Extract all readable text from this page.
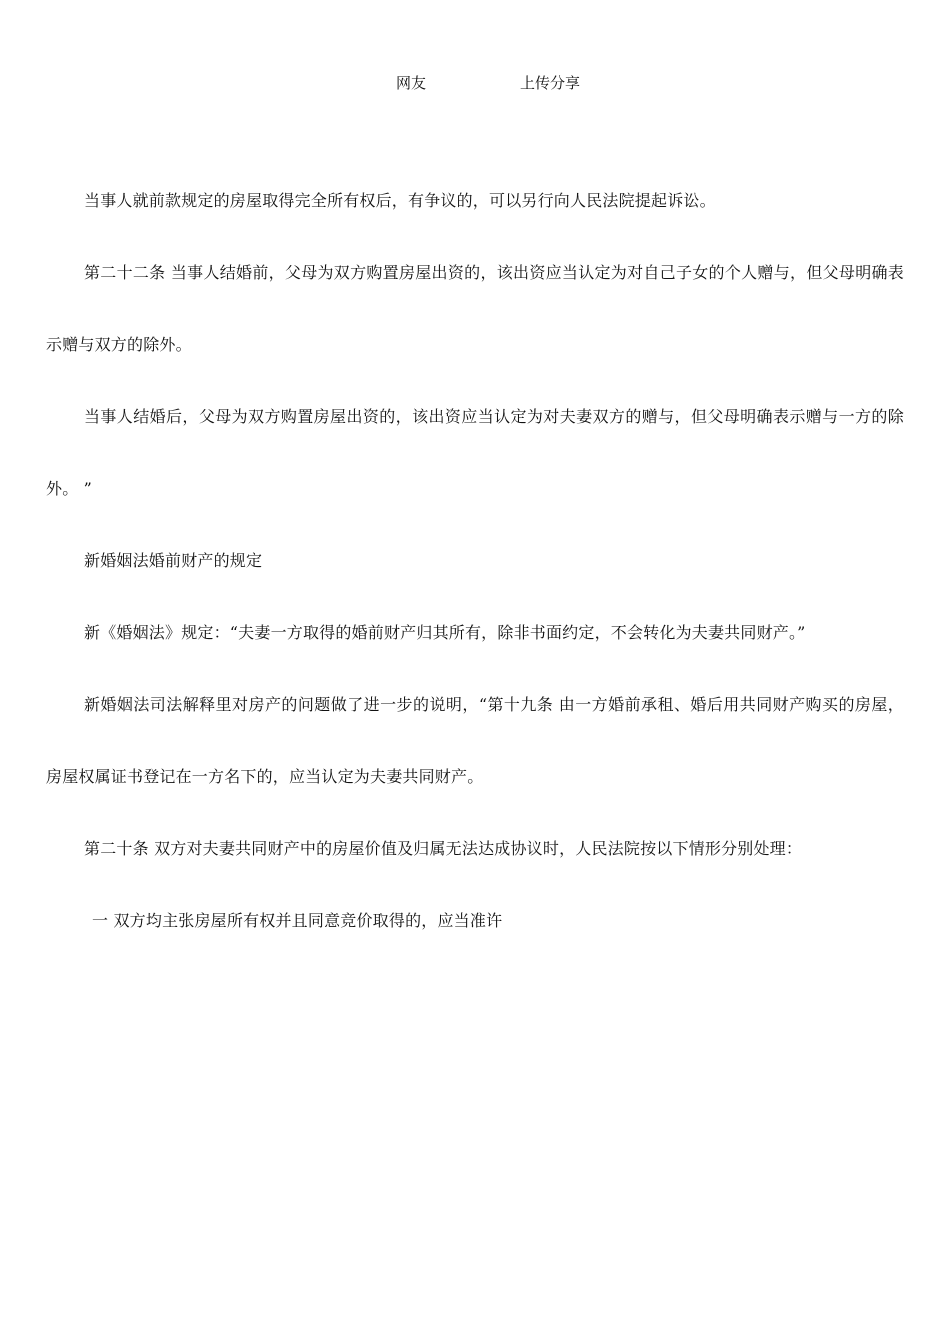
网友	上传分享

当事人就前款规定的房屋取得完全所有权后，有争议的，可以另行向人民法院提起诉讼。

第二十二条 当事人结婚前，父母为双方购置房屋出资的，该出资应当认定为对自己子女的个人赠与，但父母明确表示赠与双方的除外。

当事人结婚后，父母为双方购置房屋出资的，该出资应当认定为对夫妻双方的赠与，但父母明确表示赠与一方的除外。 ”

新婚姻法婚前财产的规定

新《婚姻法》规定：“夫妻一方取得的婚前财产归其所有，除非书面约定，不会转化为夫妻共同财产。”

新婚姻法司法解释里对房产的问题做了进一步的说明，“第十九条 由一方婚前承租、婚后用共同财产购买的房屋，房屋权属证书登记在一方名下的，应当认定为夫妻共同财产。

第二十条 双方对夫妻共同财产中的房屋价值及归属无法达成协议时，人民法院按以下情形分别处理：

一 双方均主张房屋所有权并且同意竞价取得的，应当准许
